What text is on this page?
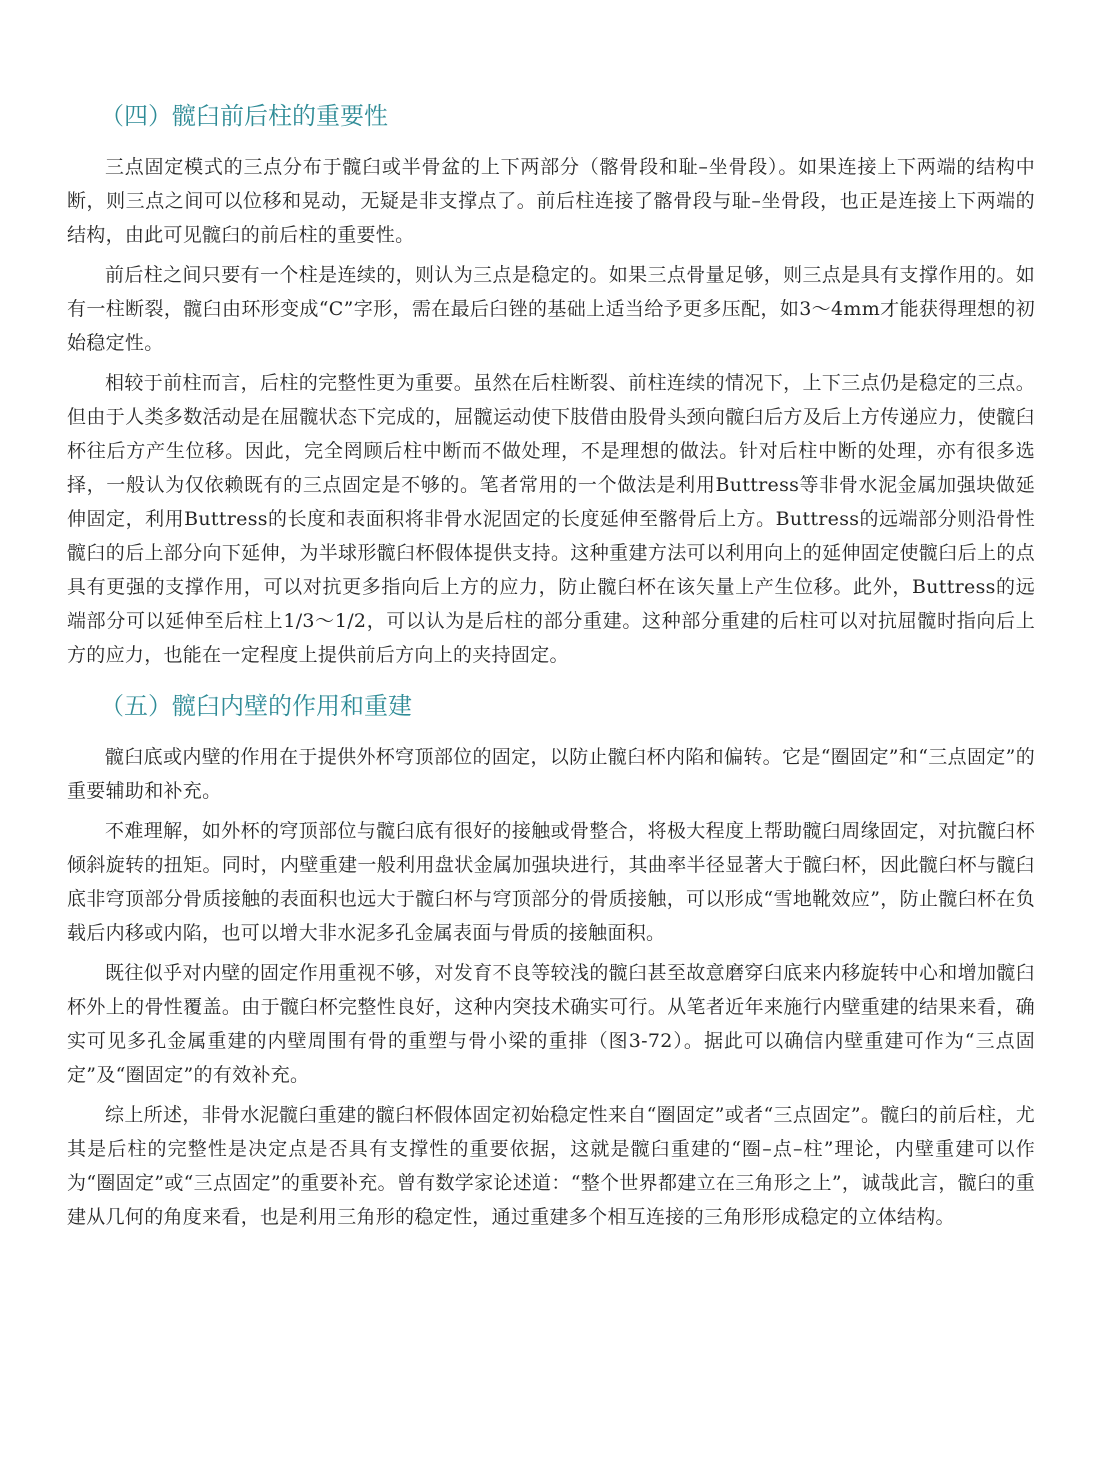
（四）髋臼前后柱的重要性

三点固定模式的三点分布于髋臼或半骨盆的上下两部分（髂骨段和耻–坐骨段）。如果连接上下两端的结构中断，则三点之间可以位移和晃动，无疑是非支撑点了。前后柱连接了髂骨段与耻–坐骨段，也正是连接上下两端的结构，由此可见髋臼的前后柱的重要性。

前后柱之间只要有一个柱是连续的，则认为三点是稳定的。如果三点骨量足够，则三点是具有支撑作用的。如有一柱断裂，髋臼由环形变成“C”字形，需在最后臼锉的基础上适当给予更多压配，如3～4mm才能获得理想的初始稳定性。

相较于前柱而言，后柱的完整性更为重要。虽然在后柱断裂、前柱连续的情况下，上下三点仍是稳定的三点。但由于人类多数活动是在屈髋状态下完成的，屈髋运动使下肢借由股骨头颈向髋臼后方及后上方传递应力，使髋臼杯往后方产生位移。因此，完全罔顾后柱中断而不做处理，不是理想的做法。针对后柱中断的处理，亦有很多选择，一般认为仅依赖既有的三点固定是不够的。笔者常用的一个做法是利用Buttress等非骨水泥金属加强块做延伸固定，利用Buttress的长度和表面积将非骨水泥固定的长度延伸至髂骨后上方。Buttress的远端部分则沿骨性髋臼的后上部分向下延伸，为半球形髋臼杯假体提供支持。这种重建方法可以利用向上的延伸固定使髋臼后上的点具有更强的支撑作用，可以对抗更多指向后上方的应力，防止髋臼杯在该矢量上产生位移。此外，Buttress的远端部分可以延伸至后柱上1/3～1/2，可以认为是后柱的部分重建。这种部分重建的后柱可以对抗屈髋时指向后上方的应力，也能在一定程度上提供前后方向上的夹持固定。

（五）髋臼内壁的作用和重建

髋臼底或内壁的作用在于提供外杯穹顶部位的固定，以防止髋臼杯内陷和偏转。它是“圈固定”和“三点固定”的重要辅助和补充。

不难理解，如外杯的穹顶部位与髋臼底有很好的接触或骨整合，将极大程度上帮助髋臼周缘固定，对抗髋臼杯倾斜旋转的扭矩。同时，内壁重建一般利用盘状金属加强块进行，其曲率半径显著大于髋臼杯，因此髋臼杯与髋臼底非穹顶部分骨质接触的表面积也远大于髋臼杯与穹顶部分的骨质接触，可以形成“雪地靴效应”，防止髋臼杯在负载后内移或内陷，也可以增大非水泥多孔金属表面与骨质的接触面积。

既往似乎对内壁的固定作用重视不够，对发育不良等较浅的髋臼甚至故意磨穿臼底来内移旋转中心和增加髋臼杯外上的骨性覆盖。由于髋臼杯完整性良好，这种内突技术确实可行。从笔者近年来施行内壁重建的结果来看，确实可见多孔金属重建的内壁周围有骨的重塑与骨小梁的重排（图3-72）。据此可以确信内壁重建可作为“三点固定”及“圈固定”的有效补充。

综上所述，非骨水泥髋臼重建的髋臼杯假体固定初始稳定性来自“圈固定”或者“三点固定”。髋臼的前后柱，尤其是后柱的完整性是决定点是否具有支撑性的重要依据，这就是髋臼重建的“圈–点–柱”理论，内壁重建可以作为“圈固定”或“三点固定”的重要补充。曾有数学家论述道：“整个世界都建立在三角形之上”，诚哉此言，髋臼的重建从几何的角度来看，也是利用三角形的稳定性，通过重建多个相互连接的三角形形成稳定的立体结构。
